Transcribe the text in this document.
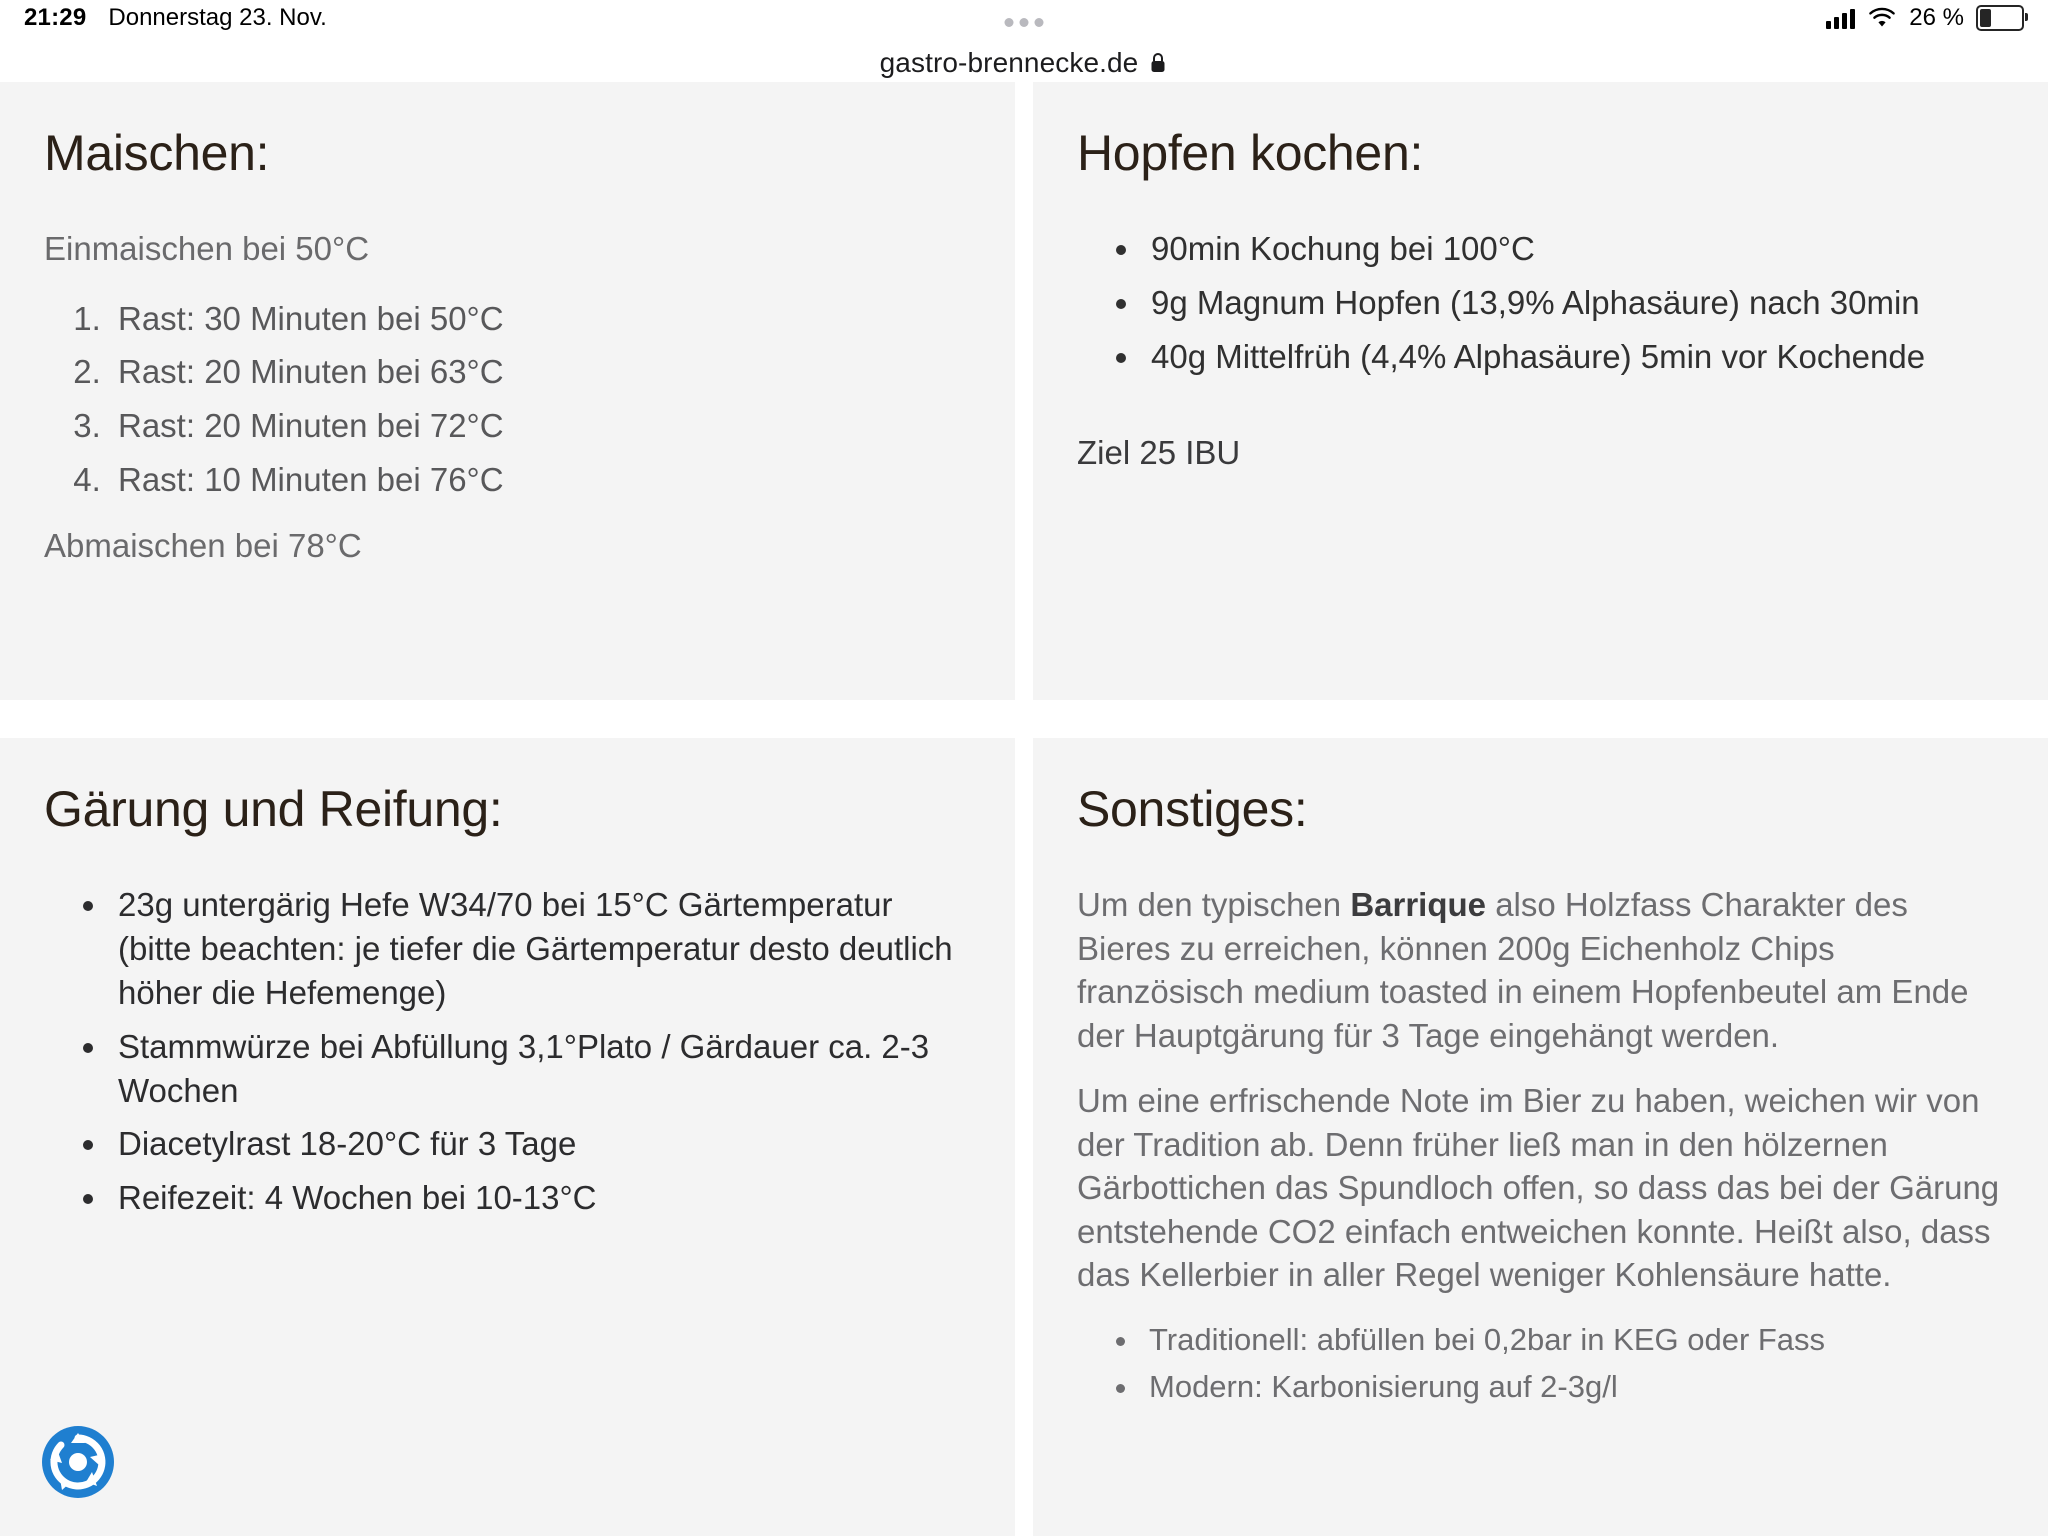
21:29 Donnerstag 23. Nov.	26 %
gastro-brennecke.de
Maischen:

Einmaischen bei 50°C

1. Rast: 30 Minuten bei 50°C
2. Rast: 20 Minuten bei 63°C
3. Rast: 20 Minuten bei 72°C
4. Rast: 10 Minuten bei 76°C

Abmaischen bei 78°C

Hopfen kochen:
• 90min Kochung bei 100°C
• 9g Magnum Hopfen (13,9% Alphasäure) nach 30min
• 40g Mittelfrüh (4,4% Alphasäure) 5min vor Kochende

Ziel 25 IBU

Gärung und Reifung:
• 23g untergärig Hefe W34/70 bei 15°C Gärtemperatur (bitte beachten: je tiefer die Gärtemperatur desto deutlich höher die Hefemenge)
• Stammwürze bei Abfüllung 3,1°Plato / Gärdauer ca. 2-3 Wochen
• Diacetylrast 18-20°C für 3 Tage
• Reifezeit: 4 Wochen bei 10-13°C
Sonstiges:

Um den typischen Barrique also Holzfass Charakter des Bieres zu erreichen, können 200g Eichenholz Chips französisch medium toasted in einem Hopfenbeutel am Ende der Hauptgärung für 3 Tage eingehängt werden.

Um eine erfrischende Note im Bier zu haben, weichen wir von der Tradition ab. Denn früher ließ man in den hölzernen Gärbottichen das Spundloch offen, so dass das bei der Gärung entstehende CO2 einfach entweichen konnte. Heißt also, dass das Kellerbier in aller Regel weniger Kohlensäure hatte.

• Traditionell: abfüllen bei 0,2bar in KEG oder Fass
• Modern: Karbonisierung auf 2-3g/l
